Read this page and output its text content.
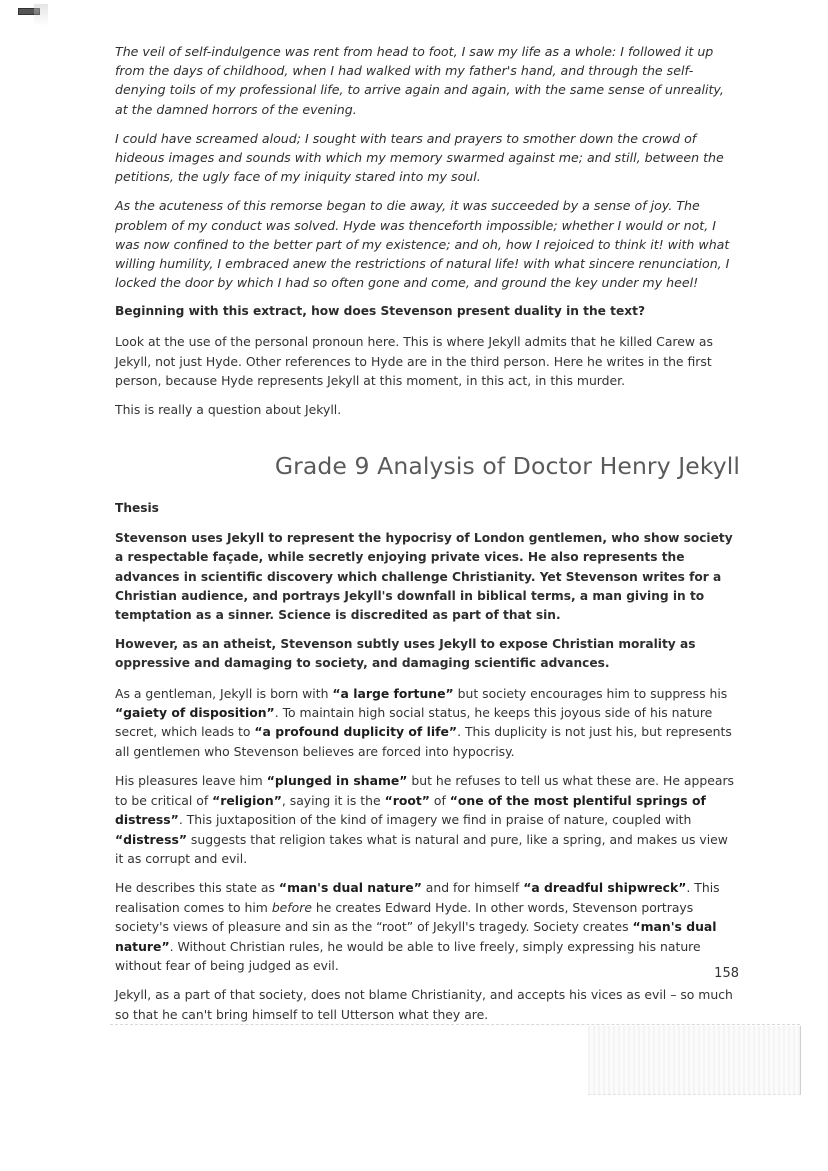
The veil of self-indulgence was rent from head to foot, I saw my life as a whole: I followed it up from the days of childhood, when I had walked with my father's hand, and through the self-denying toils of my professional life, to arrive again and again, with the same sense of unreality, at the damned horrors of the evening.

I could have screamed aloud; I sought with tears and prayers to smother down the crowd of hideous images and sounds with which my memory swarmed against me; and still, between the petitions, the ugly face of my iniquity stared into my soul.

As the acuteness of this remorse began to die away, it was succeeded by a sense of joy. The problem of my conduct was solved. Hyde was thenceforth impossible; whether I would or not, I was now confined to the better part of my existence; and oh, how I rejoiced to think it! with what willing humility, I embraced anew the restrictions of natural life! with what sincere renunciation, I locked the door by which I had so often gone and come, and ground the key under my heel!

Beginning with this extract, how does Stevenson present duality in the text?

Look at the use of the personal pronoun here. This is where Jekyll admits that he killed Carew as Jekyll, not just Hyde. Other references to Hyde are in the third person. Here he writes in the first person, because Hyde represents Jekyll at this moment, in this act, in this murder.

This is really a question about Jekyll.

Grade 9 Analysis of Doctor Henry Jekyll

Thesis

Stevenson uses Jekyll to represent the hypocrisy of London gentlemen, who show society a respectable façade, while secretly enjoying private vices. He also represents the advances in scientific discovery which challenge Christianity. Yet Stevenson writes for a Christian audience, and portrays Jekyll's downfall in biblical terms, a man giving in to temptation as a sinner. Science is discredited as part of that sin.

However, as an atheist, Stevenson subtly uses Jekyll to expose Christian morality as oppressive and damaging to society, and damaging scientific advances.

As a gentleman, Jekyll is born with “a large fortune” but society encourages him to suppress his “gaiety of disposition”. To maintain high social status, he keeps this joyous side of his nature secret, which leads to “a profound duplicity of life”. This duplicity is not just his, but represents all gentlemen who Stevenson believes are forced into hypocrisy.

His pleasures leave him “plunged in shame” but he refuses to tell us what these are. He appears to be critical of “religion”, saying it is the “root” of “one of the most plentiful springs of distress”. This juxtaposition of the kind of imagery we find in praise of nature, coupled with “distress” suggests that religion takes what is natural and pure, like a spring, and makes us view it as corrupt and evil.

He describes this state as “man's dual nature” and for himself “a dreadful shipwreck”. This realisation comes to him before he creates Edward Hyde. In other words, Stevenson portrays society's views of pleasure and sin as the “root” of Jekyll's tragedy. Society creates “man's dual nature”. Without Christian rules, he would be able to live freely, simply expressing his nature without fear of being judged as evil.

Jekyll, as a part of that society, does not blame Christianity, and accepts his vices as evil – so much so that he can't bring himself to tell Utterson what they are.

158
